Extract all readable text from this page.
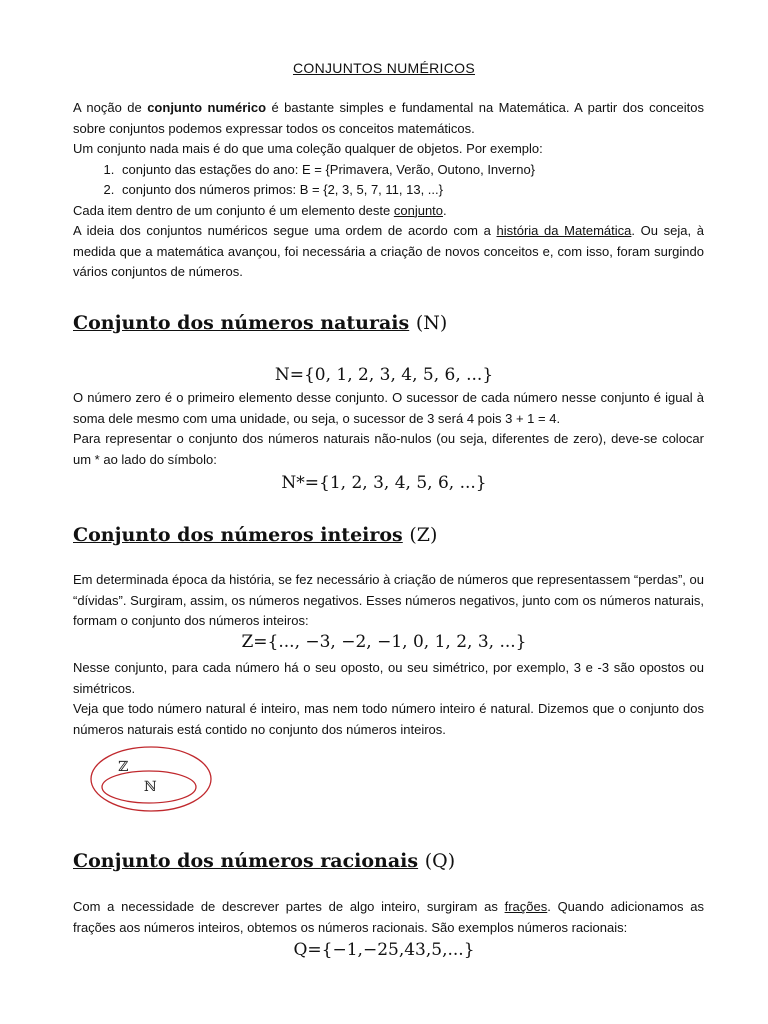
CONJUNTOS NUMÉRICOS

A noção de conjunto numérico é bastante simples e fundamental na Matemática. A partir dos conceitos sobre conjuntos podemos expressar todos os conceitos matemáticos.

Um conjunto nada mais é do que uma coleção qualquer de objetos. Por exemplo:

1. conjunto das estações do ano: E = {Primavera, Verão, Outono, Inverno}
2. conjunto dos números primos: B = {2, 3, 5, 7, 11, 13, ...}

Cada item dentro de um conjunto é um elemento deste conjunto.

A ideia dos conjuntos numéricos segue uma ordem de acordo com a história da Matemática. Ou seja, à medida que a matemática avançou, foi necessária a criação de novos conceitos e, com isso, foram surgindo vários conjuntos de números.

Conjunto dos números naturais (N)
N={0, 1, 2, 3, 4, 5, 6, ...}

O número zero é o primeiro elemento desse conjunto. O sucessor de cada número nesse conjunto é igual à soma dele mesmo com uma unidade, ou seja, o sucessor de 3 será 4 pois 3 + 1 = 4.

Para representar o conjunto dos números naturais não-nulos (ou seja, diferentes de zero), deve-se colocar um * ao lado do símbolo:

N*={1, 2, 3, 4, 5, 6, ...}
Conjunto dos números inteiros (Z)

Em determinada época da história, se fez necessário à criação de números que representassem “perdas”, ou “dívidas”. Surgiram, assim, os números negativos. Esses números negativos, junto com os números naturais, formam o conjunto dos números inteiros:

Z={..., −3, −2, −1, 0, 1, 2, 3, ...}

Nesse conjunto, para cada número há o seu oposto, ou seu simétrico, por exemplo, 3 e -3 são opostos ou simétricos.

Veja que todo número natural é inteiro, mas nem todo número inteiro é natural. Dizemos que o conjunto dos números naturais está contido no conjunto dos números inteiros.

ℤ
ℕ
Conjunto dos números racionais (Q)

Com a necessidade de descrever partes de algo inteiro, surgiram as frações. Quando adicionamos as frações aos números inteiros, obtemos os números racionais. São exemplos números racionais:

Q={−1,−25,43,5,...}
